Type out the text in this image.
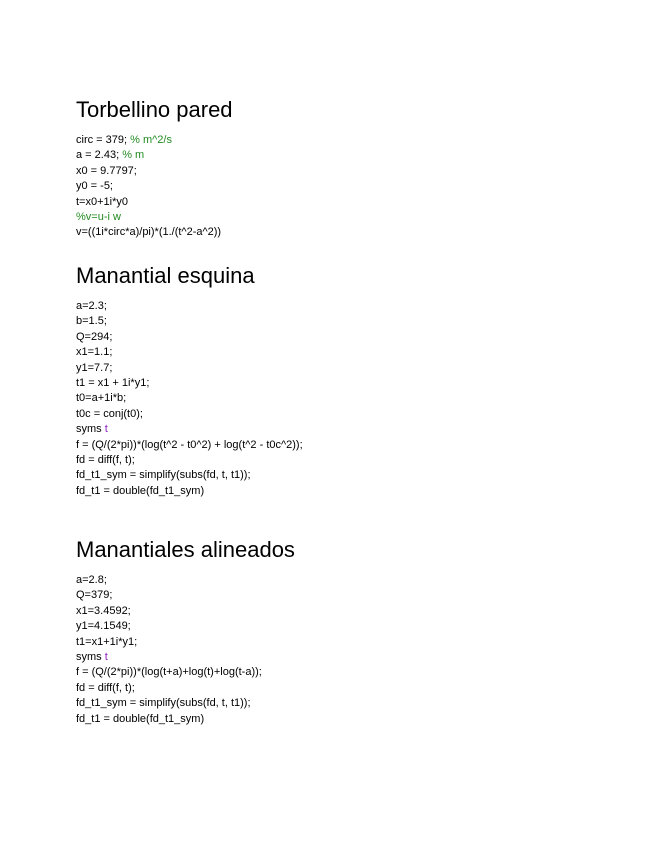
Torbellino pared
circ = 379; % m^2/s
a = 2.43; % m
x0 = 9.7797;
y0 = -5;
t=x0+1i*y0
%v=u-i w
v=((1i*circ*a)/pi)*(1./(t^2-a^2))
Manantial esquina
a=2.3;
b=1.5;
Q=294;
x1=1.1;
y1=7.7;
t1 = x1 + 1i*y1;
t0=a+1i*b;
t0c = conj(t0);
syms t
f = (Q/(2*pi))*(log(t^2 - t0^2) + log(t^2 - t0c^2));
fd = diff(f, t);
fd_t1_sym = simplify(subs(fd, t, t1));
fd_t1 = double(fd_t1_sym)
Manantiales alineados
a=2.8;
Q=379;
x1=3.4592;
y1=4.1549;
t1=x1+1i*y1;
syms t
f = (Q/(2*pi))*(log(t+a)+log(t)+log(t-a));
fd = diff(f, t);
fd_t1_sym = simplify(subs(fd, t, t1));
fd_t1 = double(fd_t1_sym)
